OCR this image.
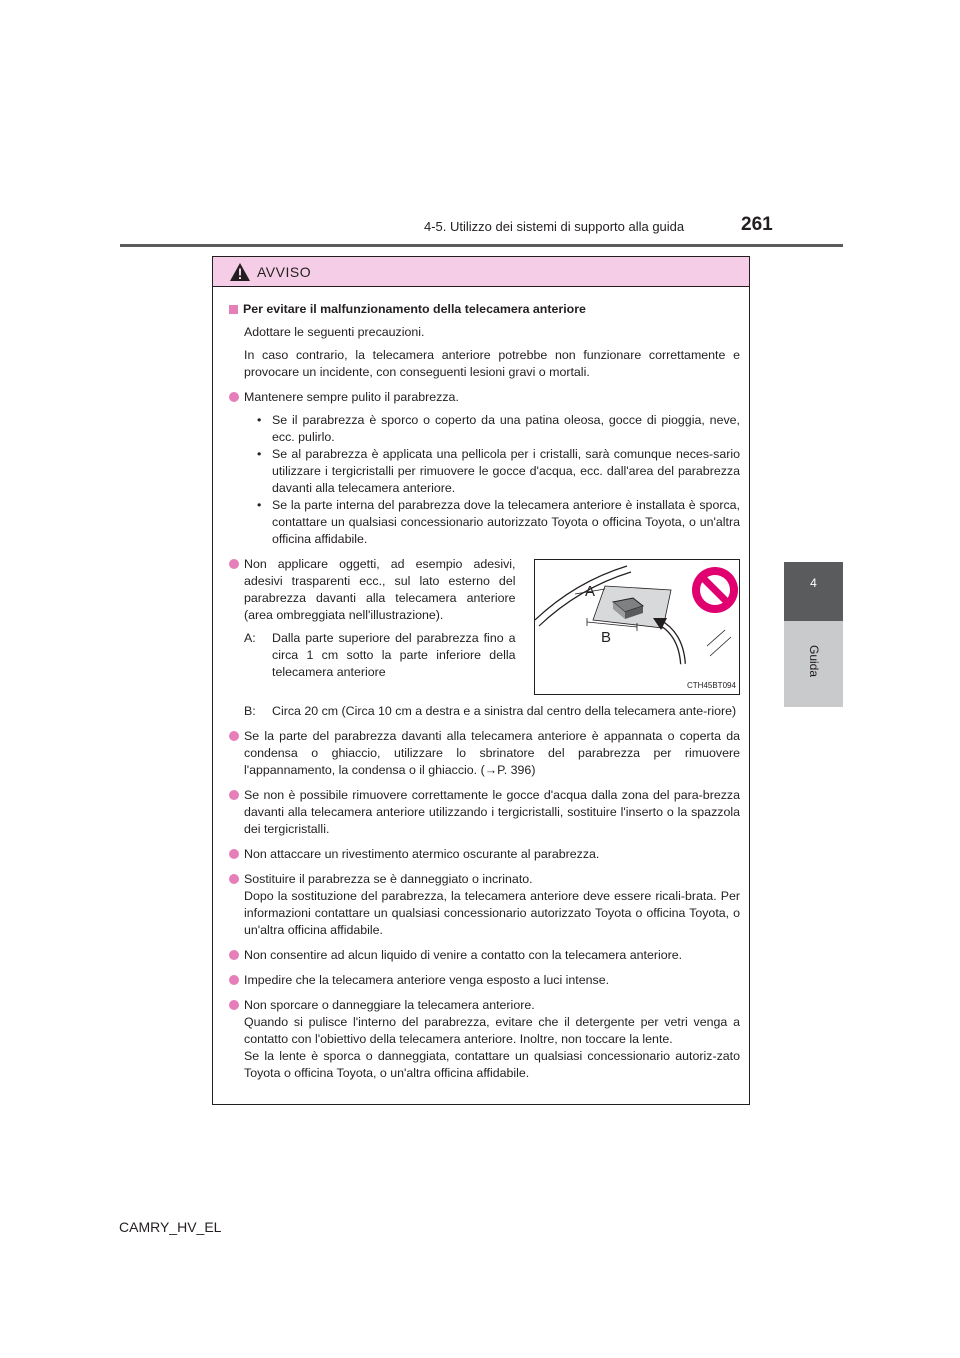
4-5. Utilizzo dei sistemi di supporto alla guida	261
4
Guida
AVVISO

Per evitare il malfunzionamento della telecamera anteriore

Adottare le seguenti precauzioni.

In caso contrario, la telecamera anteriore potrebbe non funzionare correttamente e provocare un incidente, con conseguenti lesioni gravi o mortali.

Mantenere sempre pulito il parabrezza.
• Se il parabrezza è sporco o coperto da una patina oleosa, gocce di pioggia, neve, ecc. pulirlo.
• Se al parabrezza è applicata una pellicola per i cristalli, sarà comunque neces-sario utilizzare i tergicristalli per rimuovere le gocce d'acqua, ecc. dall'area del parabrezza davanti alla telecamera anteriore.
• Se la parte interna del parabrezza dove la telecamera anteriore è installata è sporca, contattare un qualsiasi concessionario autorizzato Toyota o officina Toyota, o un'altra officina affidabile.
Non applicare oggetti, ad esempio adesivi, adesivi trasparenti ecc., sul lato esterno del parabrezza davanti alla telecamera anteriore (area ombreggiata nell'illustrazione).
A: Dalla parte superiore del parabrezza fino a circa 1 cm sotto la parte inferiore della telecamera anteriore
A
B
CTH45BT094
B: Circa 20 cm (Circa 10 cm a destra e a sinistra dal centro della telecamera ante-riore)
Se la parte del parabrezza davanti alla telecamera anteriore è appannata o coperta da condensa o ghiaccio, utilizzare lo sbrinatore del parabrezza per rimuovere l'appannamento, la condensa o il ghiaccio. (→P. 396)
Se non è possibile rimuovere correttamente le gocce d'acqua dalla zona del para-brezza davanti alla telecamera anteriore utilizzando i tergicristalli, sostituire l'inserto o la spazzola dei tergicristalli.
Non attaccare un rivestimento atermico oscurante al parabrezza.
Sostituire il parabrezza se è danneggiato o incrinato.
Dopo la sostituzione del parabrezza, la telecamera anteriore deve essere ricali-brata. Per informazioni contattare un qualsiasi concessionario autorizzato Toyota o officina Toyota, o un'altra officina affidabile.
Non consentire ad alcun liquido di venire a contatto con la telecamera anteriore.
Impedire che la telecamera anteriore venga esposto a luci intense.
Non sporcare o danneggiare la telecamera anteriore.
Quando si pulisce l'interno del parabrezza, evitare che il detergente per vetri venga a contatto con l'obiettivo della telecamera anteriore. Inoltre, non toccare la lente.
Se la lente è sporca o danneggiata, contattare un qualsiasi concessionario autoriz-zato Toyota o officina Toyota, o un'altra officina affidabile.
CAMRY_HV_EL
